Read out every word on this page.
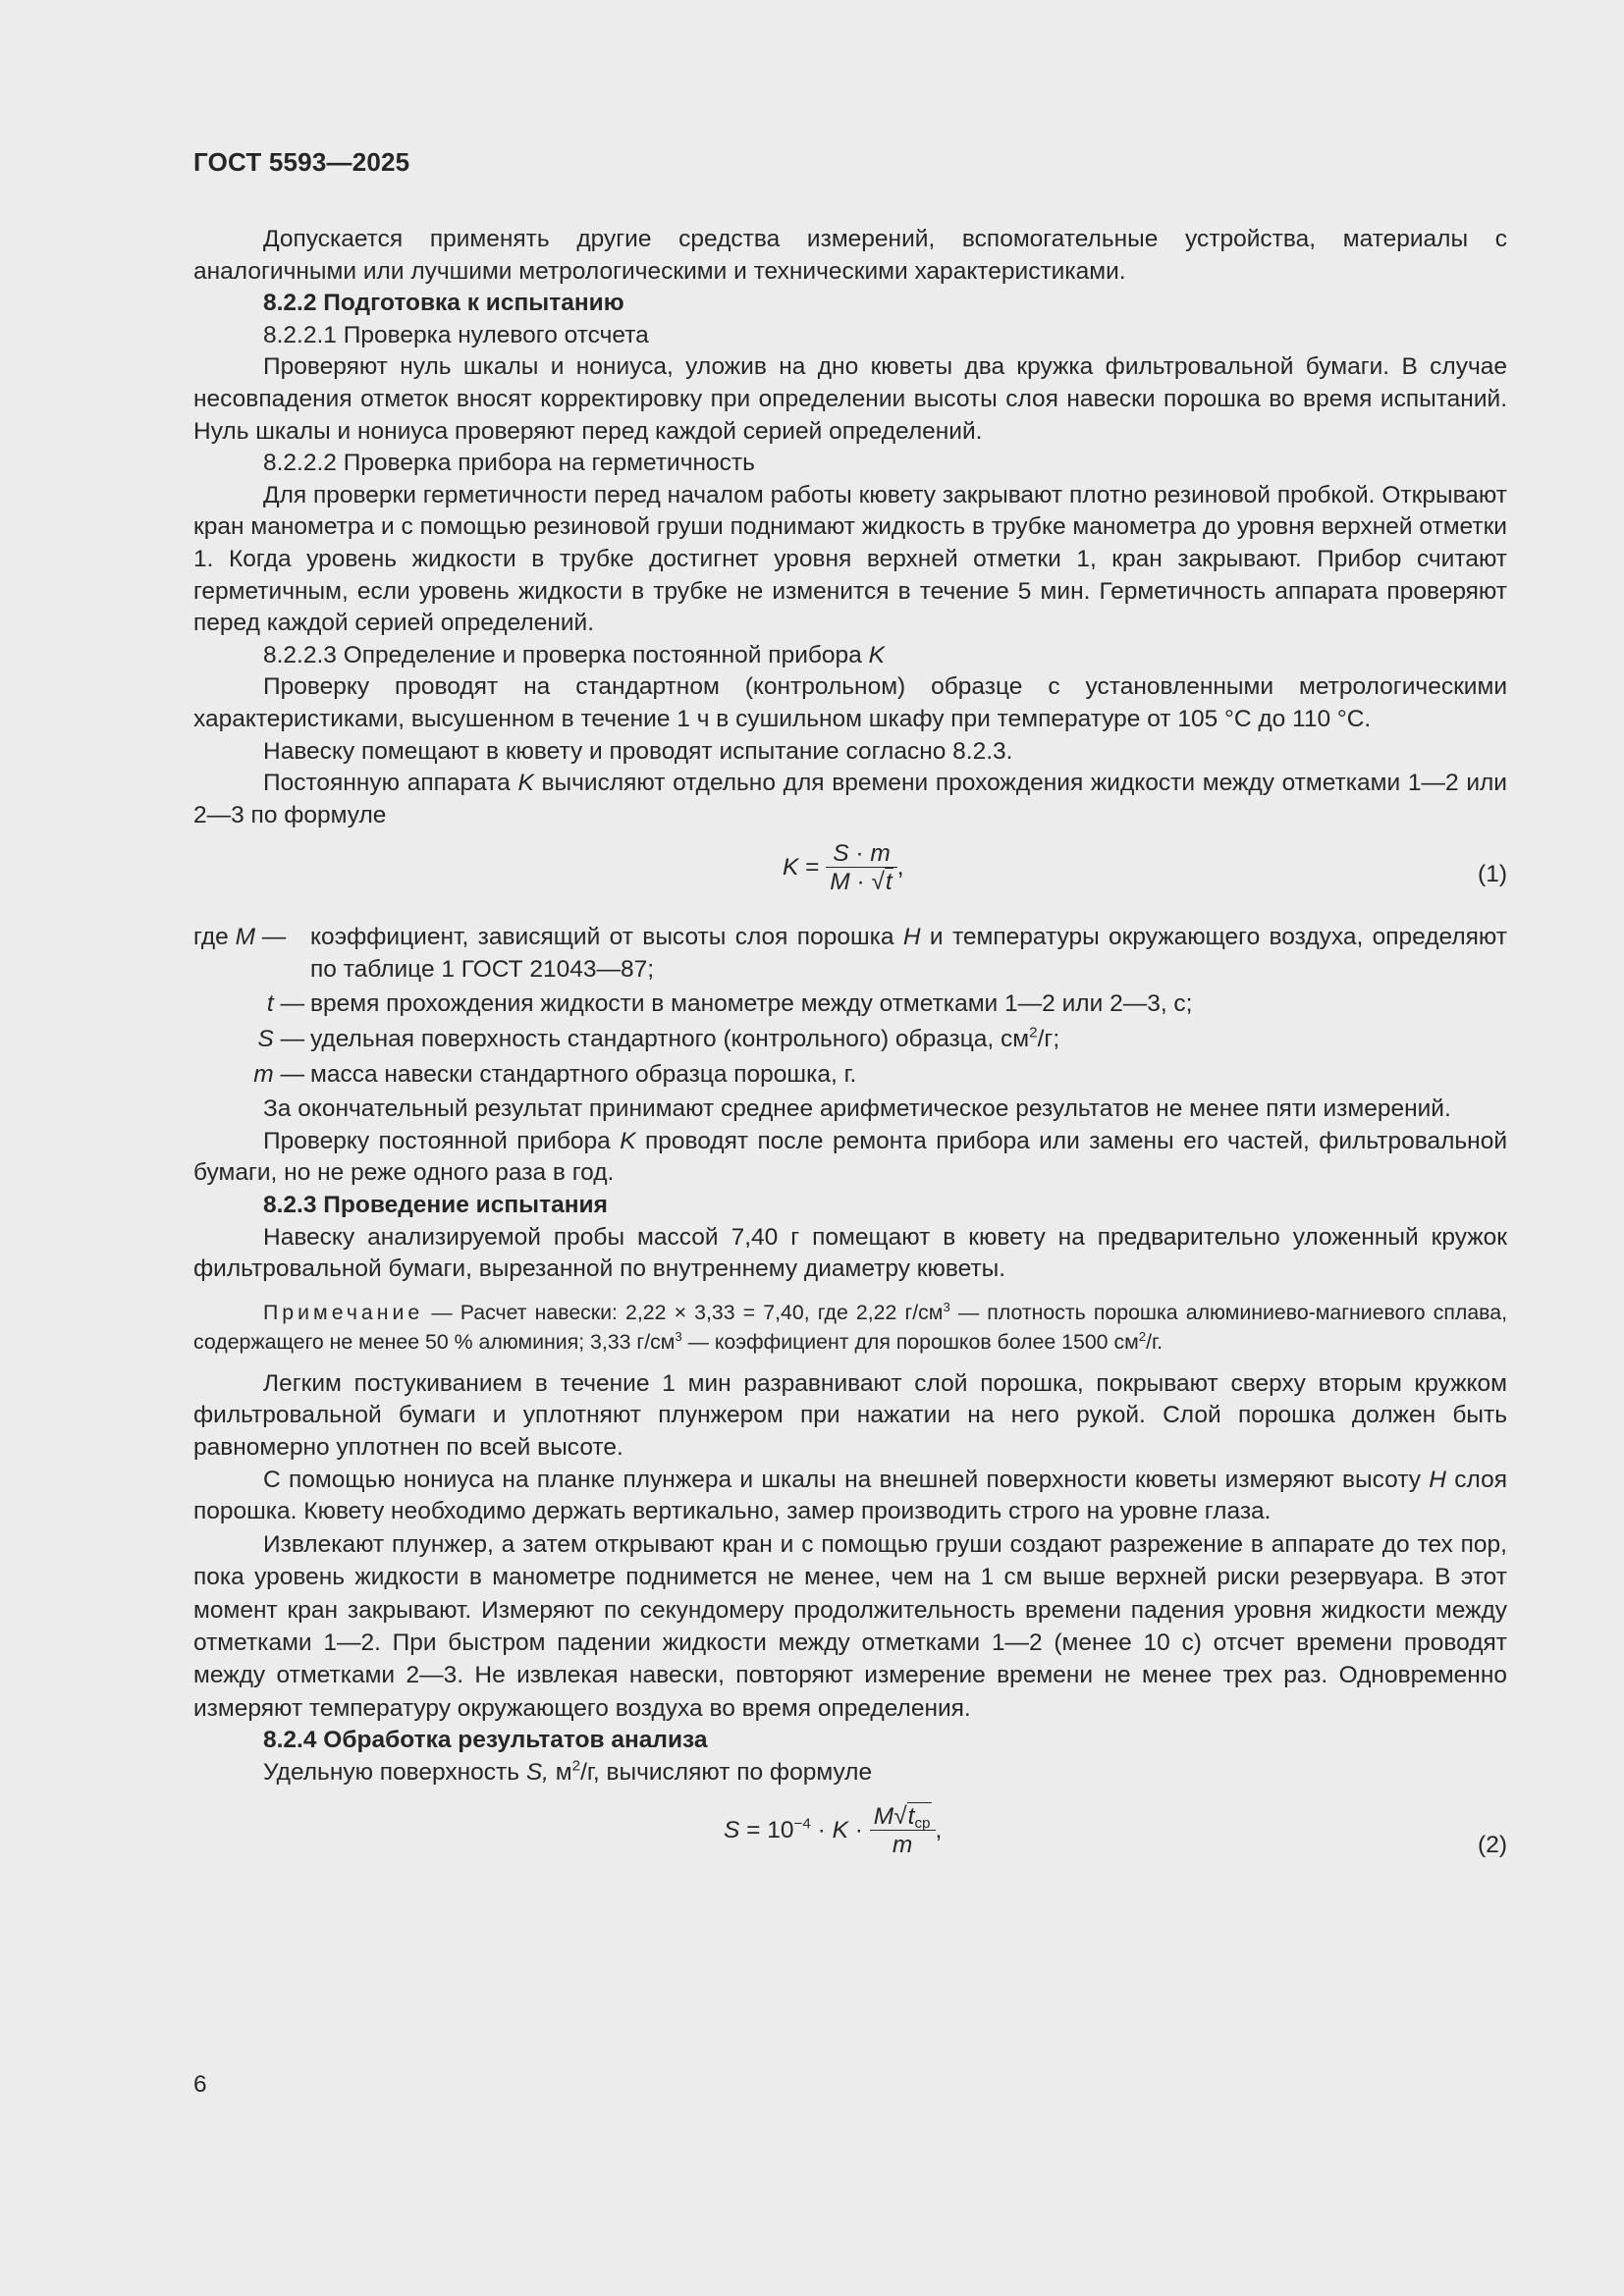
ГОСТ 5593—2025

Допускается применять другие средства измерений, вспомогательные устройства, материалы с аналогичными или лучшими метрологическими и техническими характеристиками.

8.2.2 Подготовка к испытанию

8.2.2.1 Проверка нулевого отсчета

Проверяют нуль шкалы и нониуса, уложив на дно кюветы два кружка фильтровальной бумаги. В случае несовпадения отметок вносят корректировку при определении высоты слоя навески порошка во время испытаний. Нуль шкалы и нониуса проверяют перед каждой серией определений.

8.2.2.2 Проверка прибора на герметичность

Для проверки герметичности перед началом работы кювету закрывают плотно резиновой пробкой. Открывают кран манометра и с помощью резиновой груши поднимают жидкость в трубке манометра до уровня верхней отметки 1. Когда уровень жидкости в трубке достигнет уровня верхней отметки 1, кран закрывают. Прибор считают герметичным, если уровень жидкости в трубке не изменится в течение 5 мин. Герметичность аппарата проверяют перед каждой серией определений.

8.2.2.3 Определение и проверка постоянной прибора K

Проверку проводят на стандартном (контрольном) образце с установленными метрологическими характеристиками, высушенном в течение 1 ч в сушильном шкафу при температуре от 105 °С до 110 °С.

Навеску помещают в кювету и проводят испытание согласно 8.2.3.

Постоянную аппарата K вычисляют отдельно для времени прохождения жидкости между отметками 1—2 или 2—3 по формуле

$K = \frac{S \cdot m}{M \cdot √t}$ ,	(1)
где M —	коэффициент, зависящий от высоты слоя порошка H и температуры окружающего воздуха, определяют по таблице 1 ГОСТ 21043—87;
t —	время прохождения жидкости в манометре между отметками 1—2 или 2—3, с;
S —	удельная поверхность стандартного (контрольного) образца, $см^2/г$;
m —	масса навески стандартного образца порошка, г.

За окончательный результат принимают среднее арифметическое результатов не менее пяти измерений.

Проверку постоянной прибора K проводят после ремонта прибора или замены его частей, фильтровальной бумаги, но не реже одного раза в год.

8.2.3 Проведение испытания

Навеску анализируемой пробы массой 7,40 г помещают в кювету на предварительно уложенный кружок фильтровальной бумаги, вырезанной по внутреннему диаметру кюветы.

Примечание — Расчет навески: 2,22 × 3,33 = 7,40, где 2,22 $г/см^3$ — плотность порошка алюминиево-магниевого сплава, содержащего не менее 50 % алюминия; 3,33 $г/см^3$ — коэффициент для порошков более 1500 $см^2/г$.

Легким постукиванием в течение 1 мин разравнивают слой порошка, покрывают сверху вторым кружком фильтровальной бумаги и уплотняют плунжером при нажатии на него рукой. Слой порошка должен быть равномерно уплотнен по всей высоте.

С помощью нониуса на планке плунжера и шкалы на внешней поверхности кюветы измеряют высоту H слоя порошка. Кювету необходимо держать вертикально, замер производить строго на уровне глаза.

Извлекают плунжер, а затем открывают кран и с помощью груши создают разрежение в аппарате до тех пор, пока уровень жидкости в манометре поднимется не менее, чем на 1 см выше верхней риски резервуара. В этот момент кран закрывают. Измеряют по секундомеру продолжительность времени падения уровня жидкости между отметками 1—2. При быстром падении жидкости между отметками 1—2 (менее 10 с) отсчет времени проводят между отметками 2—3. Не извлекая навески, повторяют измерение времени не менее трех раз. Одновременно измеряют температуру окружающего воздуха во время определения.

8.2.4 Обработка результатов анализа

Удельную поверхность S, $м^2/г$, вычисляют по формуле

$S = 10^{-4} \cdot K \cdot \frac{M√t_{ср}}{m}$ ,
(2)
6
